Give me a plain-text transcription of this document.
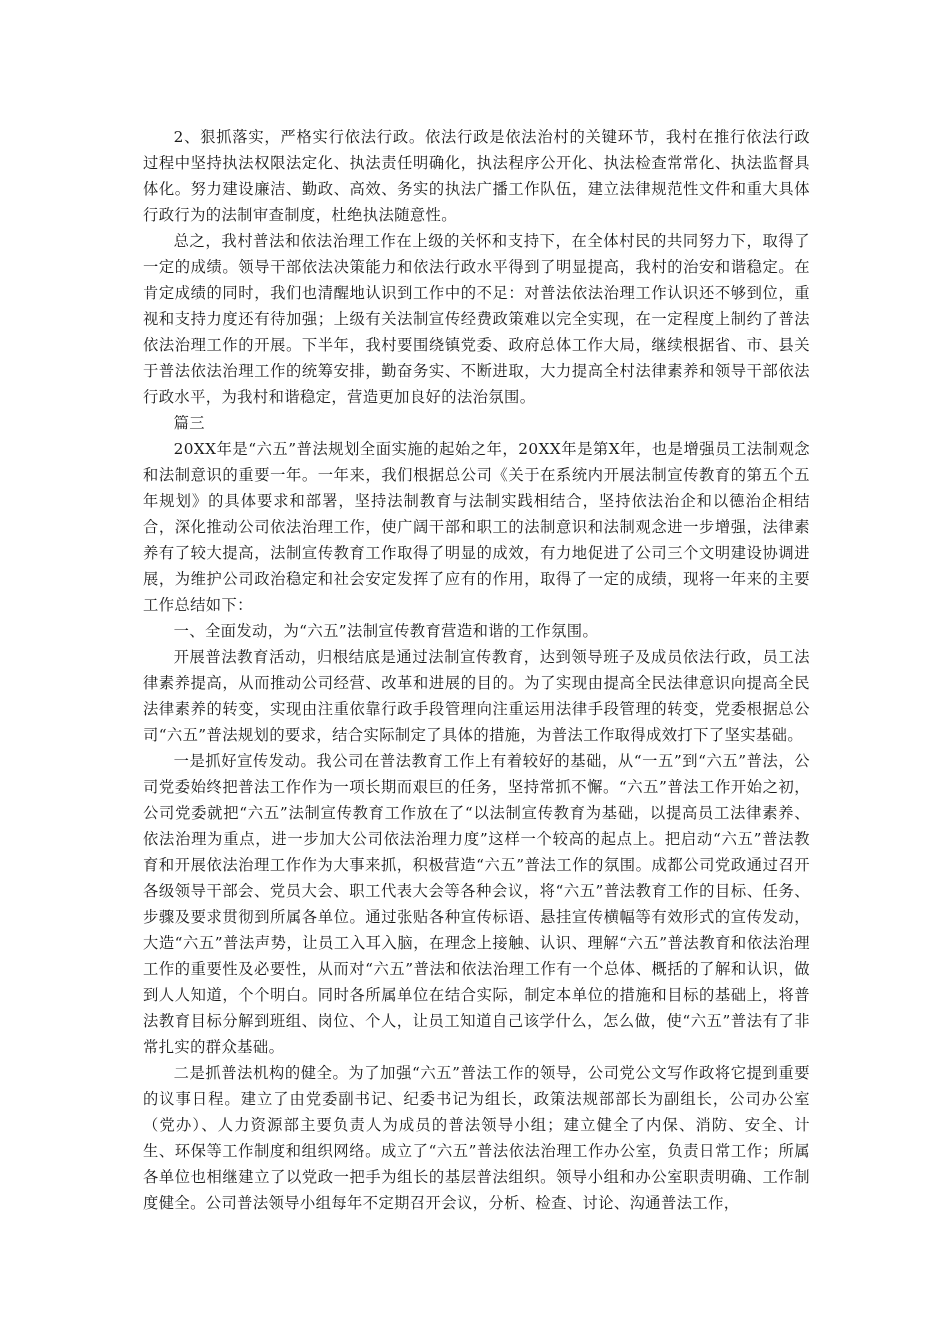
2、狠抓落实，严格实行依法行政。依法行政是依法治村的关键环节，我村在推行依法行政过程中坚持执法权限法定化、执法责任明确化，执法程序公开化、执法检查常常化、执法监督具体化。努力建设廉洁、勤政、高效、务实的执法广播工作队伍，建立法律规范性文件和重大具体行政行为的法制审查制度，杜绝执法随意性。

总之，我村普法和依法治理工作在上级的关怀和支持下，在全体村民的共同努力下，取得了一定的成绩。领导干部依法决策能力和依法行政水平得到了明显提高，我村的治安和谐稳定。在肯定成绩的同时，我们也清醒地认识到工作中的不足：对普法依法治理工作认识还不够到位，重视和支持力度还有待加强；上级有关法制宣传经费政策难以完全实现，在一定程度上制约了普法依法治理工作的开展。下半年，我村要围绕镇党委、政府总体工作大局，继续根据省、市、县关于普法依法治理工作的统筹安排，勤奋务实、不断进取，大力提高全村法律素养和领导干部依法行政水平，为我村和谐稳定，营造更加良好的法治氛围。

篇三

20XX年是“六五”普法规划全面实施的起始之年，20XX年是第X年，也是增强员工法制观念和法制意识的重要一年。一年来，我们根据总公司《关于在系统内开展法制宣传教育的第五个五年规划》的具体要求和部署，坚持法制教育与法制实践相结合，坚持依法治企和以德治企相结合，深化推动公司依法治理工作，使广阔干部和职工的法制意识和法制观念进一步增强，法律素养有了较大提高，法制宣传教育工作取得了明显的成效，有力地促进了公司三个文明建设协调进展，为维护公司政治稳定和社会安定发挥了应有的作用，取得了一定的成绩，现将一年来的主要工作总结如下：

一、全面发动，为“六五”法制宣传教育营造和谐的工作氛围。

开展普法教育活动，归根结底是通过法制宣传教育，达到领导班子及成员依法行政，员工法律素养提高，从而推动公司经营、改革和进展的目的。为了实现由提高全民法律意识向提高全民法律素养的转变，实现由注重依靠行政手段管理向注重运用法律手段管理的转变，党委根据总公司“六五”普法规划的要求，结合实际制定了具体的措施，为普法工作取得成效打下了坚实基础。

一是抓好宣传发动。我公司在普法教育工作上有着较好的基础，从“一五”到“六五”普法，公司党委始终把普法工作作为一项长期而艰巨的任务，坚持常抓不懈。“六五”普法工作开始之初，公司党委就把“六五”法制宣传教育工作放在了“以法制宣传教育为基础，以提高员工法律素养、依法治理为重点，进一步加大公司依法治理力度”这样一个较高的起点上。把启动“六五”普法教育和开展依法治理工作作为大事来抓，积极营造“六五”普法工作的氛围。成都公司党政通过召开各级领导干部会、党员大会、职工代表大会等各种会议，将“六五”普法教育工作的目标、任务、步骤及要求贯彻到所属各单位。通过张贴各种宣传标语、悬挂宣传横幅等有效形式的宣传发动，大造“六五”普法声势，让员工入耳入脑，在理念上接触、认识、理解“六五”普法教育和依法治理工作的重要性及必要性，从而对“六五”普法和依法治理工作有一个总体、概括的了解和认识，做到人人知道，个个明白。同时各所属单位在结合实际，制定本单位的措施和目标的基础上，将普法教育目标分解到班组、岗位、个人，让员工知道自己该学什么，怎么做，使“六五”普法有了非常扎实的群众基础。

二是抓普法机构的健全。为了加强“六五”普法工作的领导，公司党公文写作政将它提到重要的议事日程。建立了由党委副书记、纪委书记为组长，政策法规部部长为副组长，公司办公室（党办）、人力资源部主要负责人为成员的普法领导小组；建立健全了内保、消防、安全、计生、环保等工作制度和组织网络。成立了“六五”普法依法治理工作办公室，负责日常工作；所属各单位也相继建立了以党政一把手为组长的基层普法组织。领导小组和办公室职责明确、工作制度健全。公司普法领导小组每年不定期召开会议，分析、检查、讨论、沟通普法工作，
